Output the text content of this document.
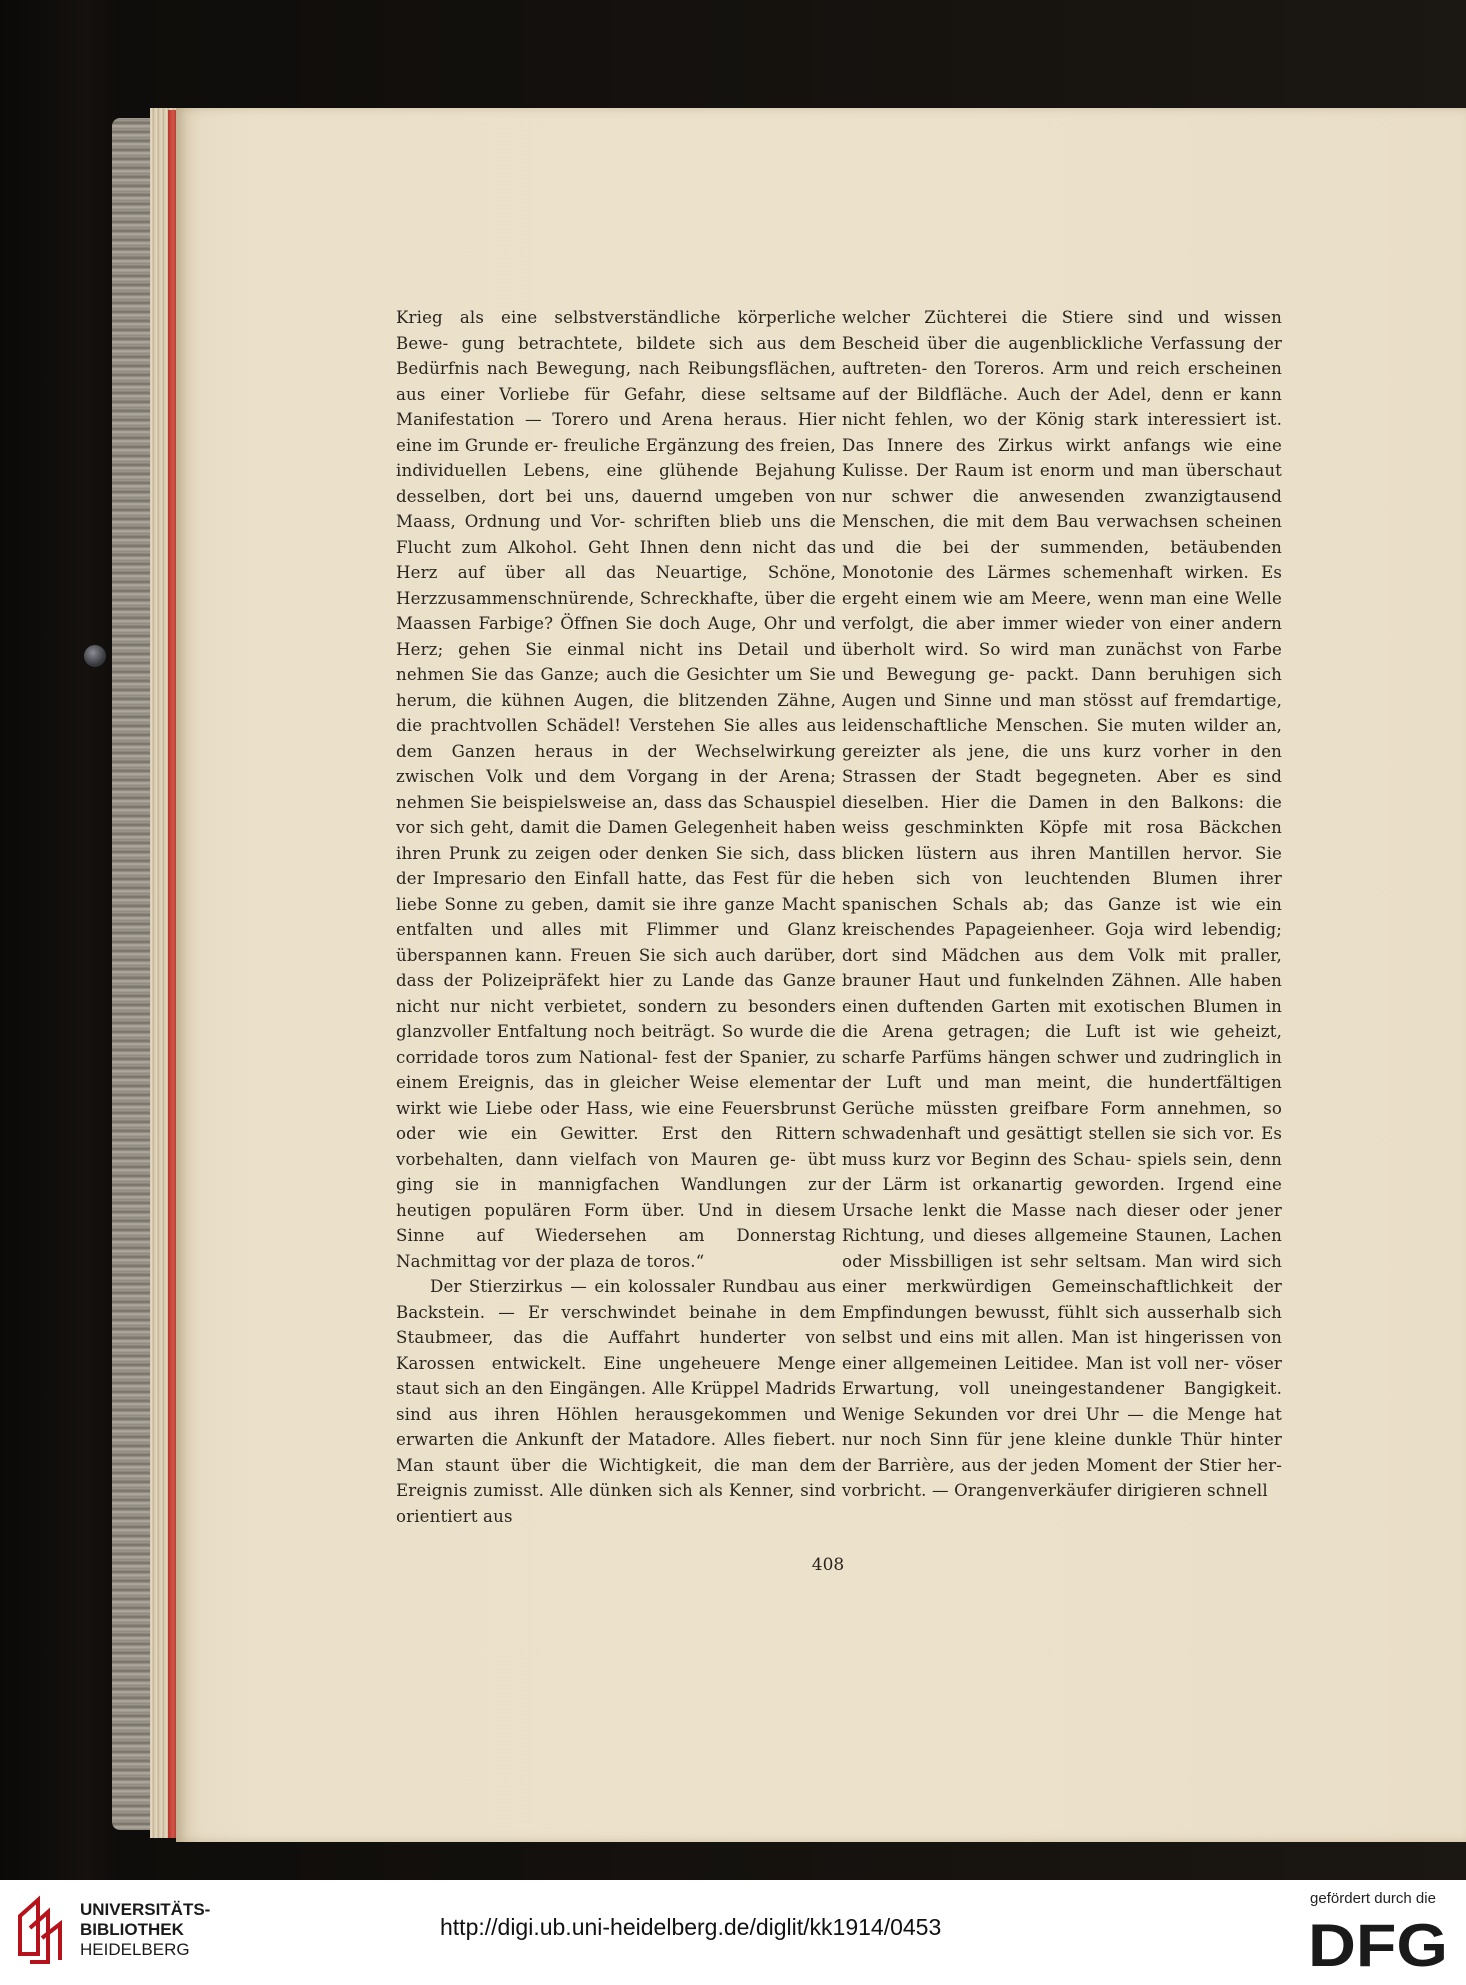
Krieg als eine selbstverständliche körperliche Bewe- gung betrachtete, bildete sich aus dem Bedürfnis nach Bewegung, nach Reibungsflächen, aus einer Vorliebe für Gefahr, diese seltsame Manifestation — Torero und Arena heraus. Hier eine im Grunde er- freuliche Ergänzung des freien, individuellen Lebens, eine glühende Bejahung desselben, dort bei uns, dauernd umgeben von Maass, Ordnung und Vor- schriften blieb uns die Flucht zum Alkohol. Geht Ihnen denn nicht das Herz auf über all das Neuartige, Schöne, Herzzusammenschnürende, Schreckhafte, über die Maassen Farbige? Öffnen Sie doch Auge, Ohr und Herz; gehen Sie einmal nicht ins Detail und nehmen Sie das Ganze; auch die Gesichter um Sie herum, die kühnen Augen, die blitzenden Zähne, die prachtvollen Schädel! Verstehen Sie alles aus dem Ganzen heraus in der Wechselwirkung zwischen Volk und dem Vorgang in der Arena; nehmen Sie beispielsweise an, dass das Schauspiel vor sich geht, damit die Damen Gelegenheit haben ihren Prunk zu zeigen oder denken Sie sich, dass der Impresario den Einfall hatte, das Fest für die liebe Sonne zu geben, damit sie ihre ganze Macht entfalten und alles mit Flimmer und Glanz überspannen kann. Freuen Sie sich auch darüber, dass der Polizeipräfekt hier zu Lande das Ganze nicht nur nicht verbietet, sondern zu besonders glanzvoller Entfaltung noch beiträgt. So wurde die corridade toros zum National- fest der Spanier, zu einem Ereignis, das in gleicher Weise elementar wirkt wie Liebe oder Hass, wie eine Feuersbrunst oder wie ein Gewitter. Erst den Rittern vorbehalten, dann vielfach von Mauren ge- übt ging sie in mannigfachen Wandlungen zur heutigen populären Form über. Und in diesem Sinne auf Wiedersehen am Donnerstag Nachmittag vor der plaza de toros.“

Der Stierzirkus — ein kolossaler Rundbau aus Backstein. — Er verschwindet beinahe in dem Staubmeer, das die Auffahrt hunderter von Karossen entwickelt. Eine ungeheuere Menge staut sich an den Eingängen. Alle Krüppel Madrids sind aus ihren Höhlen herausgekommen und erwarten die Ankunft der Matadore. Alles fiebert. Man staunt über die Wichtigkeit, die man dem Ereignis zumisst. Alle dünken sich als Kenner, sind orientiert aus

welcher Züchterei die Stiere sind und wissen Bescheid über die augenblickliche Verfassung der auftreten- den Toreros. Arm und reich erscheinen auf der Bildfläche. Auch der Adel, denn er kann nicht fehlen, wo der König stark interessiert ist. Das Innere des Zirkus wirkt anfangs wie eine Kulisse. Der Raum ist enorm und man überschaut nur schwer die anwesenden zwanzigtausend Menschen, die mit dem Bau verwachsen scheinen und die bei der summenden, betäubenden Monotonie des Lärmes schemenhaft wirken. Es ergeht einem wie am Meere, wenn man eine Welle verfolgt, die aber immer wieder von einer andern überholt wird. So wird man zunächst von Farbe und Bewegung ge- packt. Dann beruhigen sich Augen und Sinne und man stösst auf fremdartige, leidenschaftliche Menschen. Sie muten wilder an, gereizter als jene, die uns kurz vorher in den Strassen der Stadt begegneten. Aber es sind dieselben. Hier die Damen in den Balkons: die weiss geschminkten Köpfe mit rosa Bäckchen blicken lüstern aus ihren Mantillen hervor. Sie heben sich von leuchtenden Blumen ihrer spanischen Schals ab; das Ganze ist wie ein kreischendes Papageienheer. Goja wird lebendig; dort sind Mädchen aus dem Volk mit praller, brauner Haut und funkelnden Zähnen. Alle haben einen duftenden Garten mit exotischen Blumen in die Arena getragen; die Luft ist wie geheizt, scharfe Parfüms hängen schwer und zudringlich in der Luft und man meint, die hundertfältigen Gerüche müssten greifbare Form annehmen, so schwadenhaft und gesättigt stellen sie sich vor. Es muss kurz vor Beginn des Schau- spiels sein, denn der Lärm ist orkanartig geworden. Irgend eine Ursache lenkt die Masse nach dieser oder jener Richtung, und dieses allgemeine Staunen, Lachen oder Missbilligen ist sehr seltsam. Man wird sich einer merkwürdigen Gemeinschaftlichkeit der Empfindungen bewusst, fühlt sich ausserhalb sich selbst und eins mit allen. Man ist hingerissen von einer allgemeinen Leitidee. Man ist voll ner- vöser Erwartung, voll uneingestandener Bangigkeit. Wenige Sekunden vor drei Uhr — die Menge hat nur noch Sinn für jene kleine dunkle Thür hinter der Barrière, aus der jeden Moment der Stier her- vorbricht. — Orangenverkäufer dirigieren schnell

408
UNIVERSITÄTS-
BIBLIOTHEK
HEIDELBERG
http://digi.ub.uni-heidelberg.de/diglit/kk1914/0453
gefördert durch die
DFG
